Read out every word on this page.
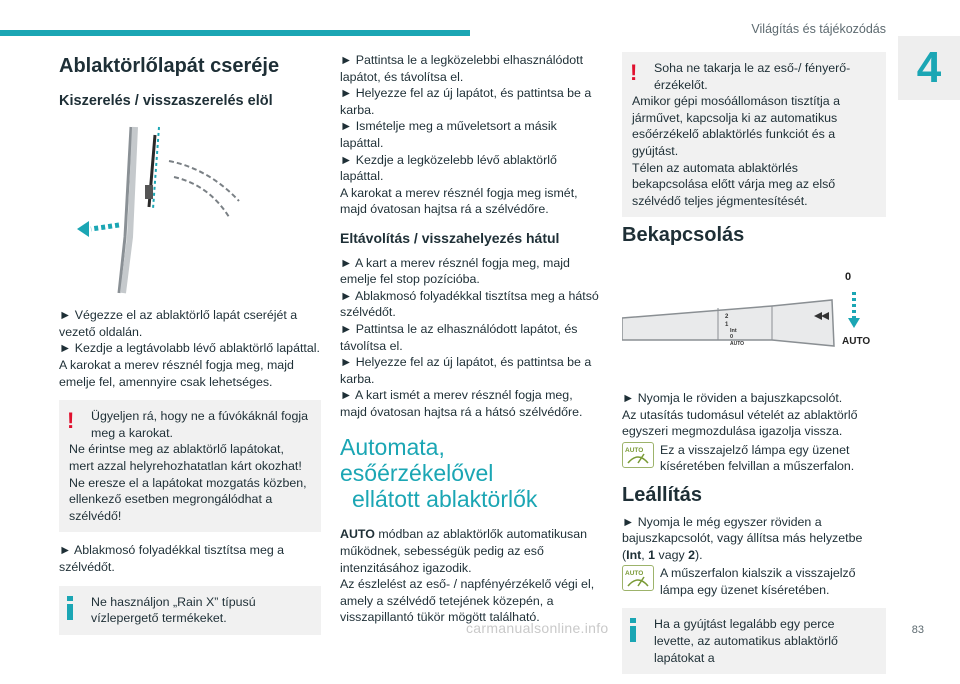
Világítás és tájékozódás
4
Ablaktörlőlapát cseréje
Kiszerelés / visszaszerelés elöl

► Végezze el az ablaktörlő lapát cseréjét a vezető oldalán.

► Kezdje a legtávolabb lévő ablaktörlő lapáttal.

A karokat a merev résznél fogja meg, majd emelje fel, amennyire csak lehetséges.

!	Ügyeljen rá, hogy ne a fúvókáknál fogja meg a karokat.
Ne érintse meg az ablaktörlő lapátokat, mert azzal helyrehozhatatlan kárt okozhat!
Ne eresze el a lapátokat mozgatás közben, ellenkező esetben megrongálódhat a szélvédő!

► Ablakmosó folyadékkal tisztítsa meg a szélvédőt.

Ne használjon „Rain X” típusú vízlepergető termékeket.

► Pattintsa le a legközelebbi elhasználódott lapátot, és távolítsa el.

► Helyezze fel az új lapátot, és pattintsa be a karba.

► Ismételje meg a műveletsort a másik lapáttal.

► Kezdje a legközelebb lévő ablaktörlő lapáttal.

A karokat a merev résznél fogja meg ismét, majd óvatosan hajtsa rá a szélvédőre.

Eltávolítás / visszahelyezés hátul

► A kart a merev résznél fogja meg, majd emelje fel stop pozícióba.

► Ablakmosó folyadékkal tisztítsa meg a hátsó szélvédőt.

► Pattintsa le az elhasználódott lapátot, és távolítsa el.

► Helyezze fel az új lapátot, és pattintsa be a karba.

► A kart ismét a merev résznél fogja meg, majd óvatosan hajtsa rá a hátsó szélvédőre.

Automata, esőérzékelővel
ellátott ablaktörlők

AUTO módban az ablaktörlők automatikusan működnek, sebességük pedig az eső intenzitásához igazodik.

Az észlelést az eső- / napfényérzékelő végi el, amely a szélvédő tetejének közepén, a visszapillantó tükör mögött található.

!	Soha ne takarja le az eső-/ fényerő-érzékelőt.
Amikor gépi mosóállomáson tisztítja a járművet, kapcsolja ki az automatikus esőérzékelő ablaktörlés funkciót és a gyújtást.
Télen az automata ablaktörlés bekapcsolása előtt várja meg az első szélvédő teljes jégmentesítését.
Bekapcsolás
2
1
Int
0
AUTO
0
AUTO

► Nyomja le röviden a bajuszkapcsolót.

Az utasítás tudomásul vételét az ablaktörlő egyszeri megmozdulása igazolja vissza.

AUTO Ez a visszajelző lámpa egy üzenet kíséretében felvillan a műszerfalon.
Leállítás

► Nyomja le még egyszer röviden a bajuszkapcsolót, vagy állítsa más helyzetbe (Int, 1 vagy 2).

AUTO A műszerfalon kialszik a visszajelző lámpa egy üzenet kíséretében.
Ha a gyújtást legalább egy perce levette, az automatikus ablaktörlő lapátokat a
carmanualsonline.info	83
